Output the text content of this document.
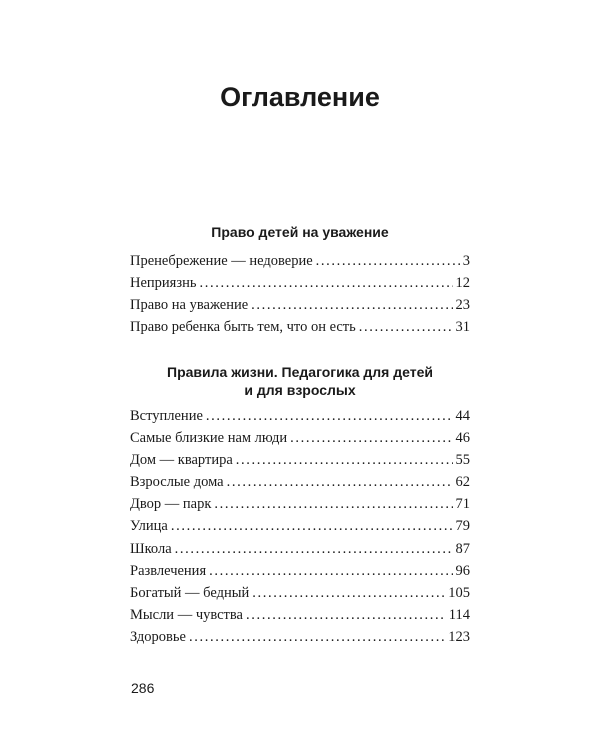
Оглавление
Право детей на уважение
Пренебрежение — недоверие . . .	3
Неприязнь . . .	12
Право на уважение . . .	23
Право ребенка быть тем, что он есть . . .	31
Правила жизни. Педагогика для детей
и для взрослых
Вступление . . .	44
Самые близкие нам люди . . .	46
Дом — квартира . . .	55
Взрослые дома . . .	62
Двор — парк . . .	71
Улица . . .	79
Школа . . .	87
Развлечения . . .	96
Богатый — бедный . . .	105
Мысли — чувства . . .	114
Здоровье . . .	123
286
